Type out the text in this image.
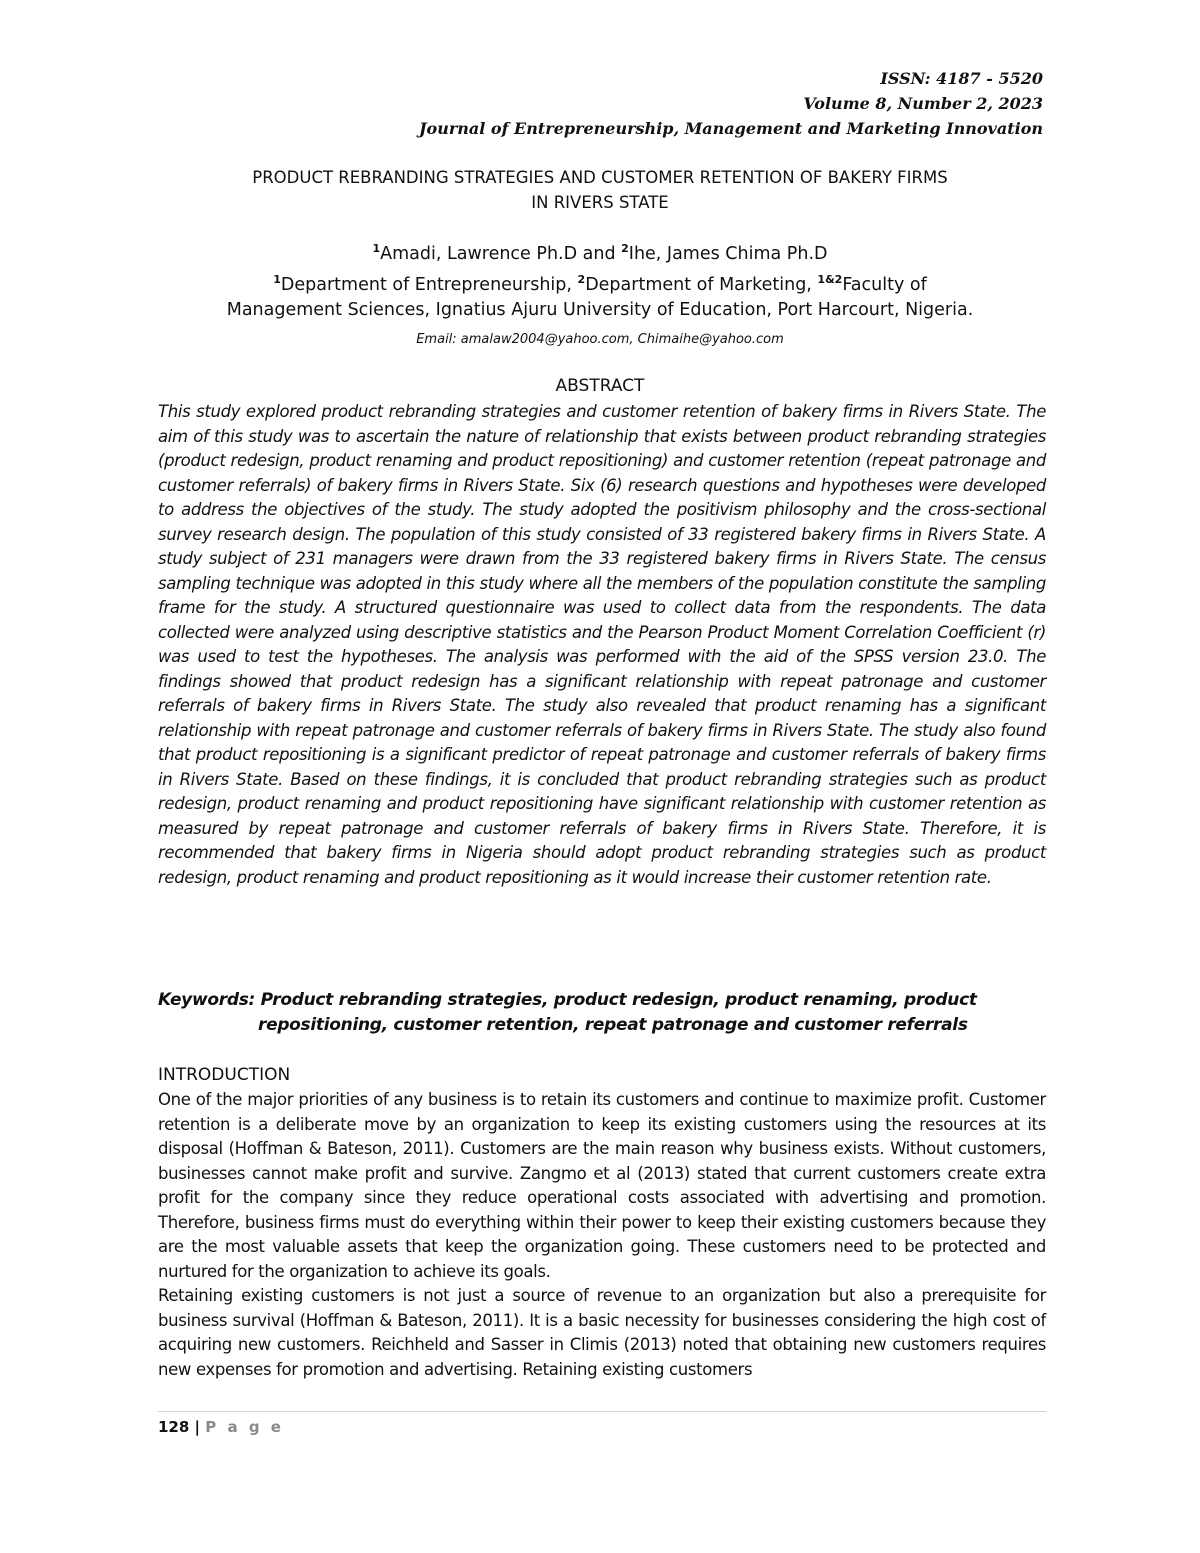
ISSN: 4187 - 5520
Volume 8, Number 2, 2023
Journal of Entrepreneurship, Management and Marketing Innovation
PRODUCT REBRANDING STRATEGIES AND CUSTOMER RETENTION OF BAKERY FIRMS
IN RIVERS STATE
$^1$Amadi, Lawrence Ph.D and $^2$Ihe, James Chima Ph.D
$^1$Department of Entrepreneurship, $^2$Department of Marketing, $^{1\&2}$Faculty of
Management Sciences, Ignatius Ajuru University of Education, Port Harcourt, Nigeria.
Email: amalaw2004@yahoo.com, Chimaihe@yahoo.com
ABSTRACT
This study explored product rebranding strategies and customer retention of bakery firms in Rivers State. The aim of this study was to ascertain the nature of relationship that exists between product rebranding strategies (product redesign, product renaming and product repositioning) and customer retention (repeat patronage and customer referrals) of bakery firms in Rivers State. Six (6) research questions and hypotheses were developed to address the objectives of the study. The study adopted the positivism philosophy and the cross-sectional survey research design. The population of this study consisted of 33 registered bakery firms in Rivers State. A study subject of 231 managers were drawn from the 33 registered bakery firms in Rivers State. The census sampling technique was adopted in this study where all the members of the population constitute the sampling frame for the study. A structured questionnaire was used to collect data from the respondents. The data collected were analyzed using descriptive statistics and the Pearson Product Moment Correlation Coefficient (r) was used to test the hypotheses. The analysis was performed with the aid of the SPSS version 23.0. The findings showed that product redesign has a significant relationship with repeat patronage and customer referrals of bakery firms in Rivers State. The study also revealed that product renaming has a significant relationship with repeat patronage and customer referrals of bakery firms in Rivers State. The study also found that product repositioning is a significant predictor of repeat patronage and customer referrals of bakery firms in Rivers State. Based on these findings, it is concluded that product rebranding strategies such as product redesign, product renaming and product repositioning have significant relationship with customer retention as measured by repeat patronage and customer referrals of bakery firms in Rivers State. Therefore, it is recommended that bakery firms in Nigeria should adopt product rebranding strategies such as product redesign, product renaming and product repositioning as it would increase their customer retention rate.
Keywords: Product rebranding strategies, product redesign, product renaming, product
repositioning, customer retention, repeat patronage and customer referrals
INTRODUCTION

One of the major priorities of any business is to retain its customers and continue to maximize profit. Customer retention is a deliberate move by an organization to keep its existing customers using the resources at its disposal (Hoffman & Bateson, 2011). Customers are the main reason why business exists. Without customers, businesses cannot make profit and survive. Zangmo et al (2013) stated that current customers create extra profit for the company since they reduce operational costs associated with advertising and promotion. Therefore, business firms must do everything within their power to keep their existing customers because they are the most valuable assets that keep the organization going. These customers need to be protected and nurtured for the organization to achieve its goals.

Retaining existing customers is not just a source of revenue to an organization but also a prerequisite for business survival (Hoffman & Bateson, 2011). It is a basic necessity for businesses considering the high cost of acquiring new customers. Reichheld and Sasser in Climis (2013) noted that obtaining new customers requires new expenses for promotion and advertising. Retaining existing customers

128 | P a g e
